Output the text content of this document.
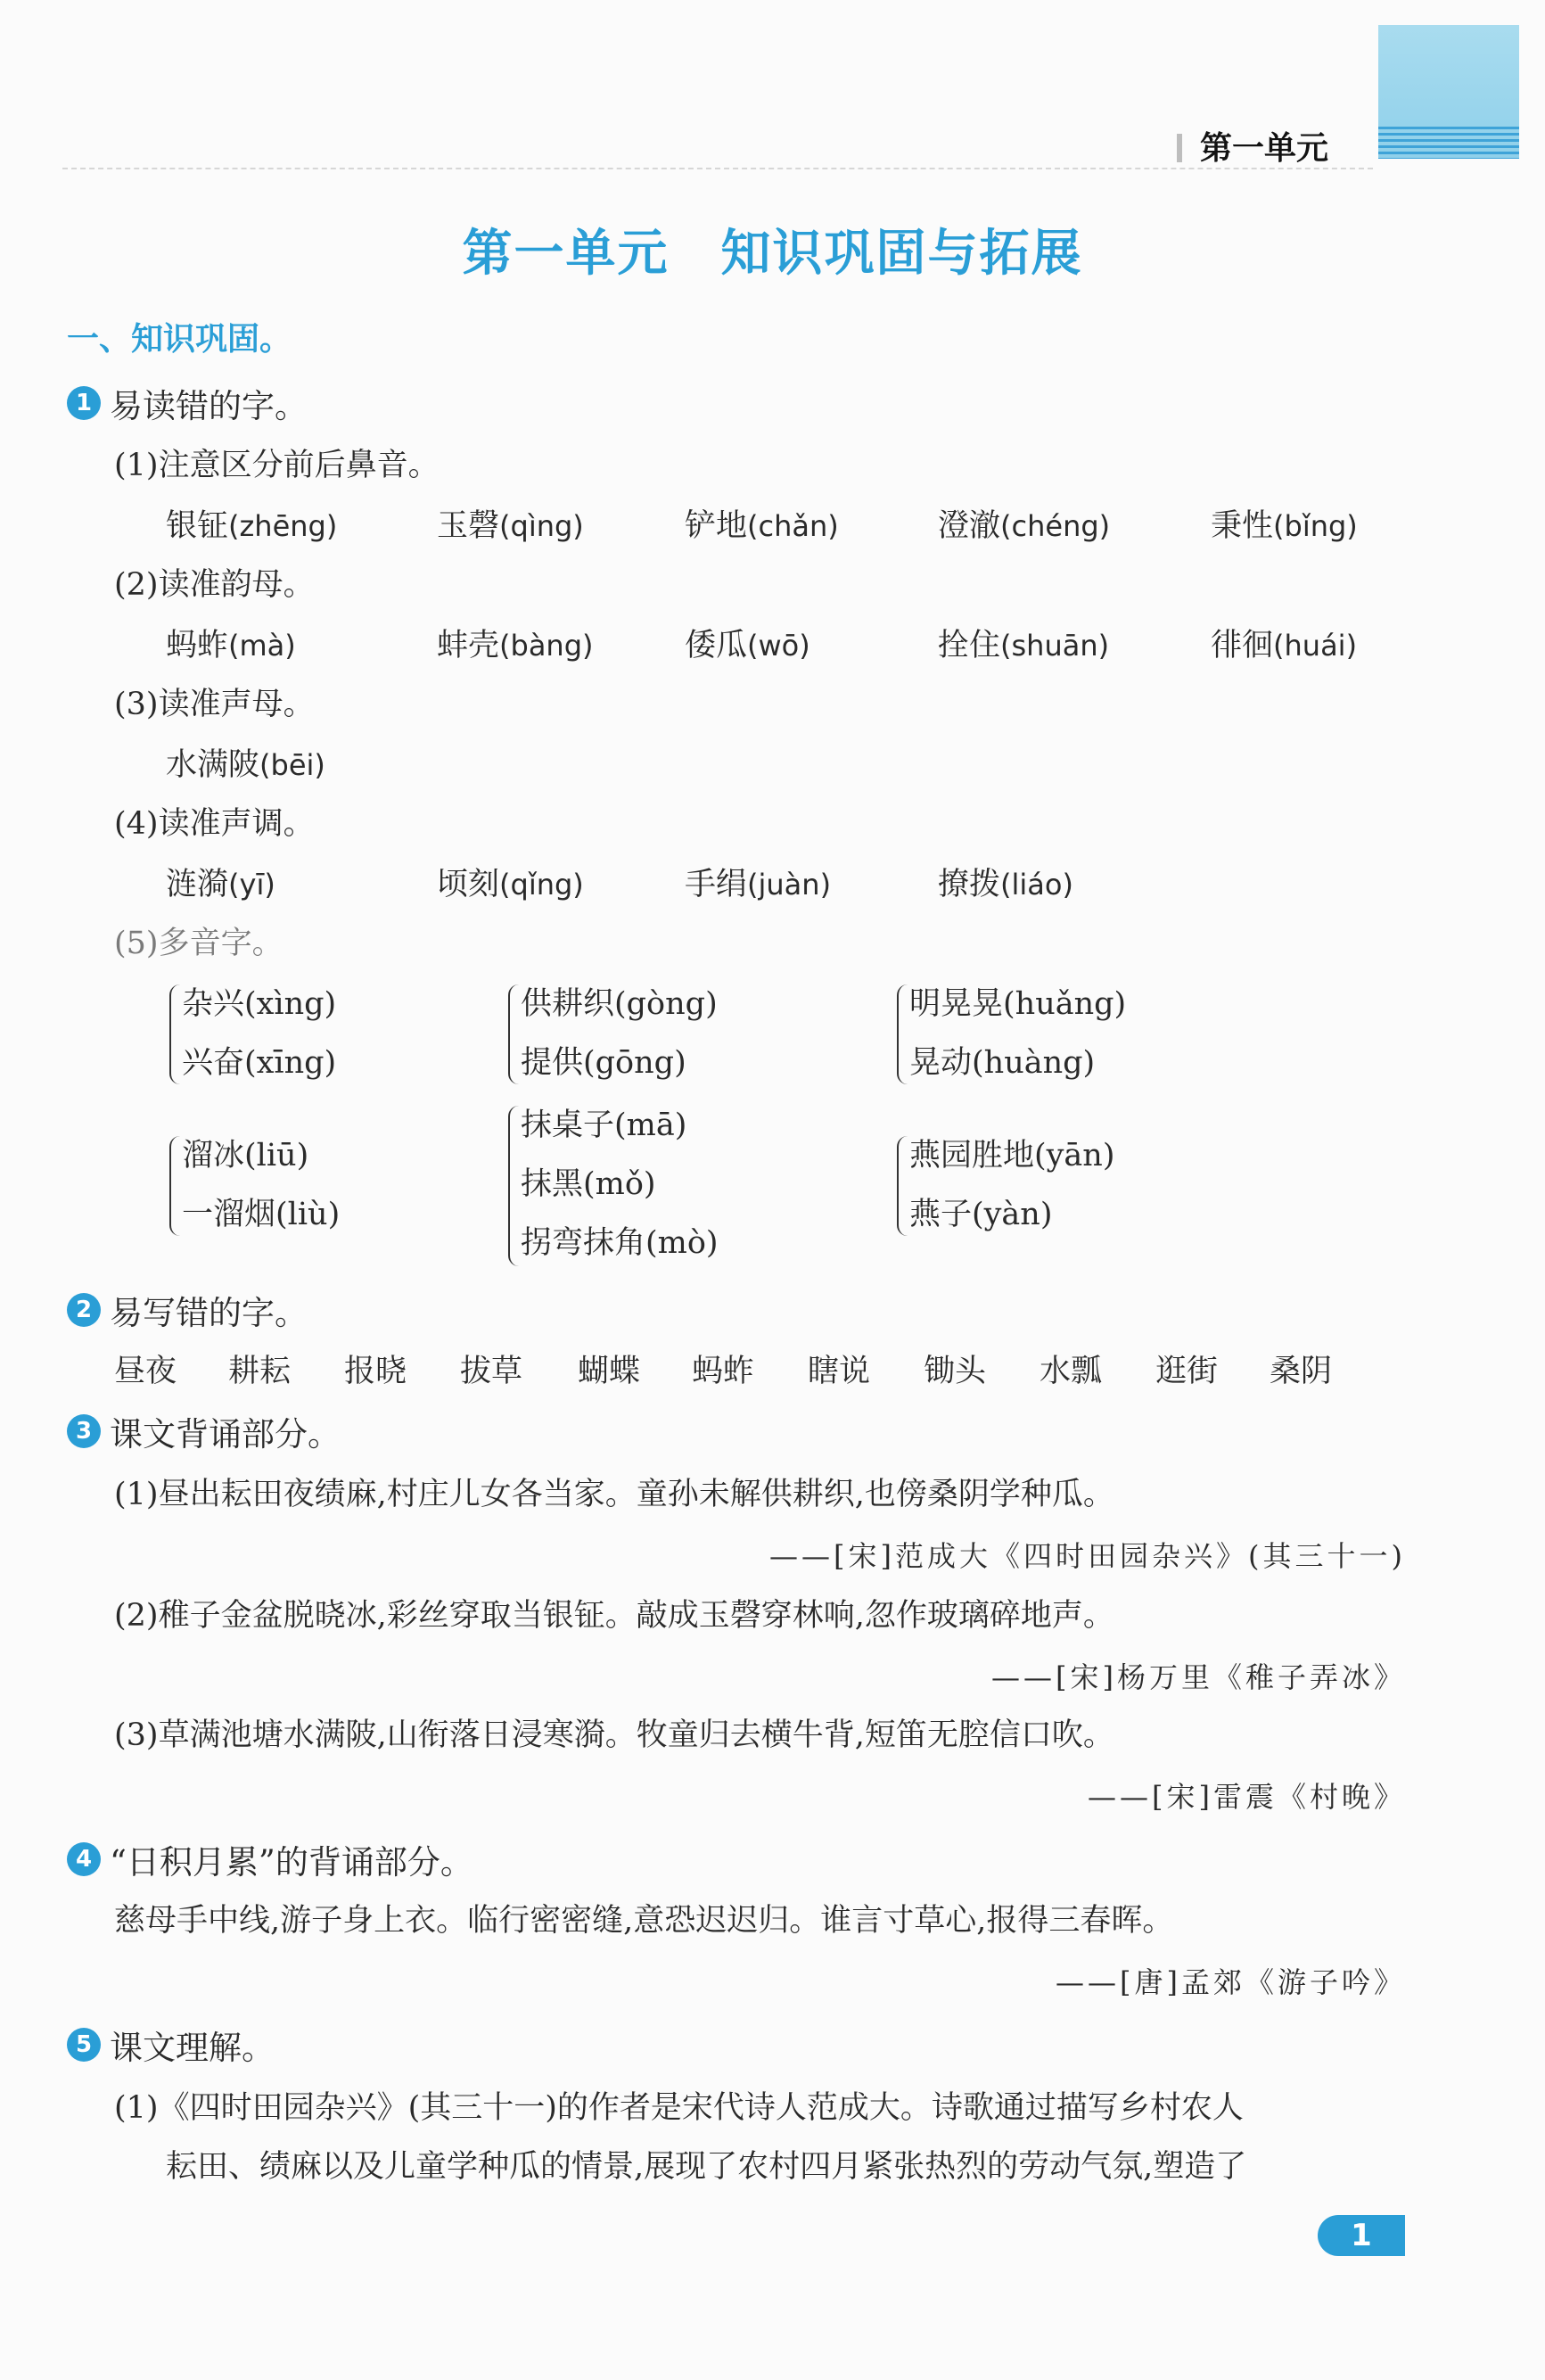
第一单元
第一单元　知识巩固与拓展
一、知识巩固。
1 易读错的字。
(1)注意区分前后鼻音。
银钲(zhēng)	玉磬(qìng)	铲地(chǎn)	澄澈(chéng)	秉性(bǐng)
(2)读准韵母。
蚂蚱(mà)	蚌壳(bàng)	倭瓜(wō)	拴住(shuān)	徘徊(huái)
(3)读准声母。
水满陂(bēi)
(4)读准声调。
涟漪(yī)	顷刻(qǐng)	手绢(juàn)	撩拨(liáo)
(5)多音字。
杂兴(xìng)
兴奋(xīng)
供耕织(gòng)
提供(gōng)
明晃晃(huǎng)
晃动(huàng)
溜冰(liū)
一溜烟(liù)
抹桌子(mā)
抹黑(mǒ)
拐弯抹角(mò)
燕园胜地(yān)
燕子(yàn)
2 易写错的字。
昼夜 耕耘 报晓 拔草 蝴蝶 蚂蚱 瞎说 锄头 水瓢 逛街 桑阴
3 课文背诵部分。
(1)昼出耘田夜绩麻,村庄儿女各当家。童孙未解供耕织,也傍桑阴学种瓜。
——[宋]范成大《四时田园杂兴》(其三十一)
(2)稚子金盆脱晓冰,彩丝穿取当银钲。敲成玉磬穿林响,忽作玻璃碎地声。
——[宋]杨万里《稚子弄冰》
(3)草满池塘水满陂,山衔落日浸寒漪。牧童归去横牛背,短笛无腔信口吹。
——[宋]雷震《村晚》
4 “日积月累”的背诵部分。
慈母手中线,游子身上衣。临行密密缝,意恐迟迟归。谁言寸草心,报得三春晖。
——[唐]孟郊《游子吟》
5 课文理解。
(1)《四时田园杂兴》(其三十一)的作者是宋代诗人范成大。诗歌通过描写乡村农人
耘田、绩麻以及儿童学种瓜的情景,展现了农村四月紧张热烈的劳动气氛,塑造了
1
